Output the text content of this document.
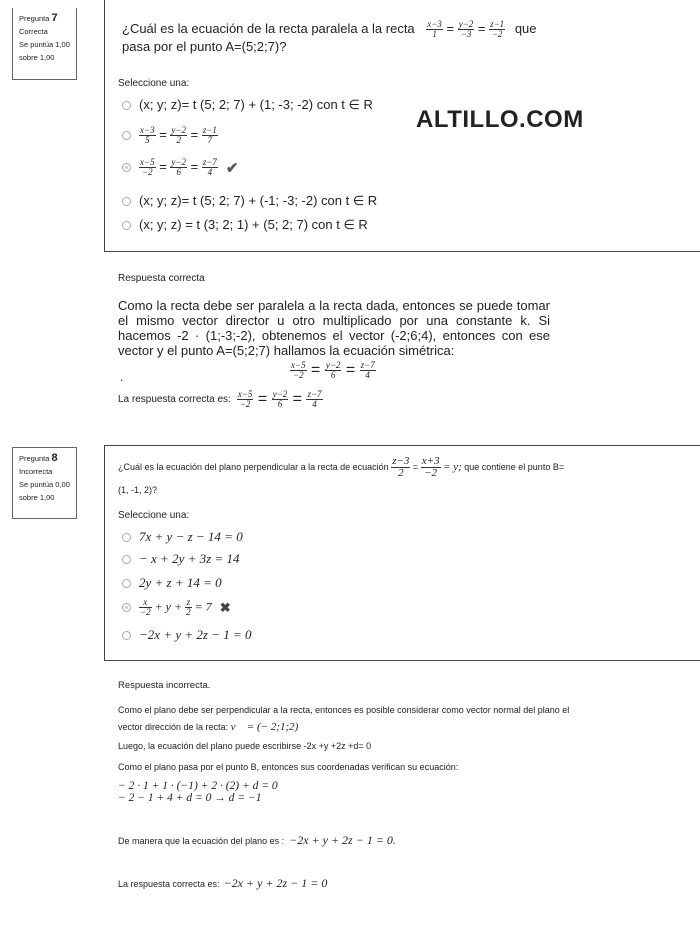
Pregunta 7
Correcta
Se puntúa 1,00
sobre 1,00
¿Cuál es la ecuación de la recta paralela a la recta $\frac{x-3}{1} = \frac{y-2}{-3} = \frac{z-1}{-2}$ que
pasa por el punto A=(5;2;7)?
Seleccione una:
(x; y; z)= t (5; 2; 7) + (1; -3; -2) con t ∈ R
$\frac{x-3}{5} = \frac{y-2}{2} = \frac{z-1}{7}$
$\frac{x-5}{-2} = \frac{y-2}{6} = \frac{z-7}{4}$ ✔
(x; y; z)= t (5; 2; 7) + (-1; -3; -2) con t ∈ R
(x; y; z) = t (3; 2; 1) + (5; 2; 7) con t ∈ R
ALTILLO.COM
Respuesta correcta
Como la recta debe ser paralela a la recta dada, entonces se puede tomar
el mismo vector director u otro multiplicado por una constante k. Si
hacemos -2 · (1;-3;-2), obtenemos el vector (-2;6;4), entonces con ese
vector y el punto A=(5;2;7) hallamos la ecuación simétrica:
$\frac{x-5}{-2} = \frac{y-2}{6} = \frac{z-7}{4}$
.
La respuesta correcta es: $\frac{x-5}{-2} = \frac{y-2}{6} = \frac{z-7}{4}$
Pregunta 8
Incorrecta
Se puntúa 0,00
sobre 1,00
¿Cuál es la ecuación del plano perpendicular a la recta de ecuación $\frac{z-3}{2} = \frac{x+3}{-2} = y$; que contiene el punto B=
(1, -1, 2)?
Seleccione una:
7x + y − z − 14 = 0
− x + 2y + 3z = 14
2y + z + 14 = 0
$\frac{x}{-2} + y + \frac{z}{2} = 7$ ✖
−2x + y + 2z − 1 = 0
Respuesta incorrecta.
Como el plano debe ser perpendicular a la recta, entonces es posible considerar como vector normal del plano el
vector dirección de la recta: v⃗ = (− 2;1;2)
Luego, la ecuación del plano puede escribirse -2x +y +2z +d= 0
Como el plano pasa por el punto B, entonces sus coordenadas verifican su ecuación:
− 2 · 1 + 1 · (−1) + 2 · (2) + d = 0
− 2 − 1 + 4 + d = 0 → d = −1
De manera que la ecuación del plano es : −2x + y + 2z − 1 = 0.
La respuesta correcta es: −2x + y + 2z − 1 = 0
